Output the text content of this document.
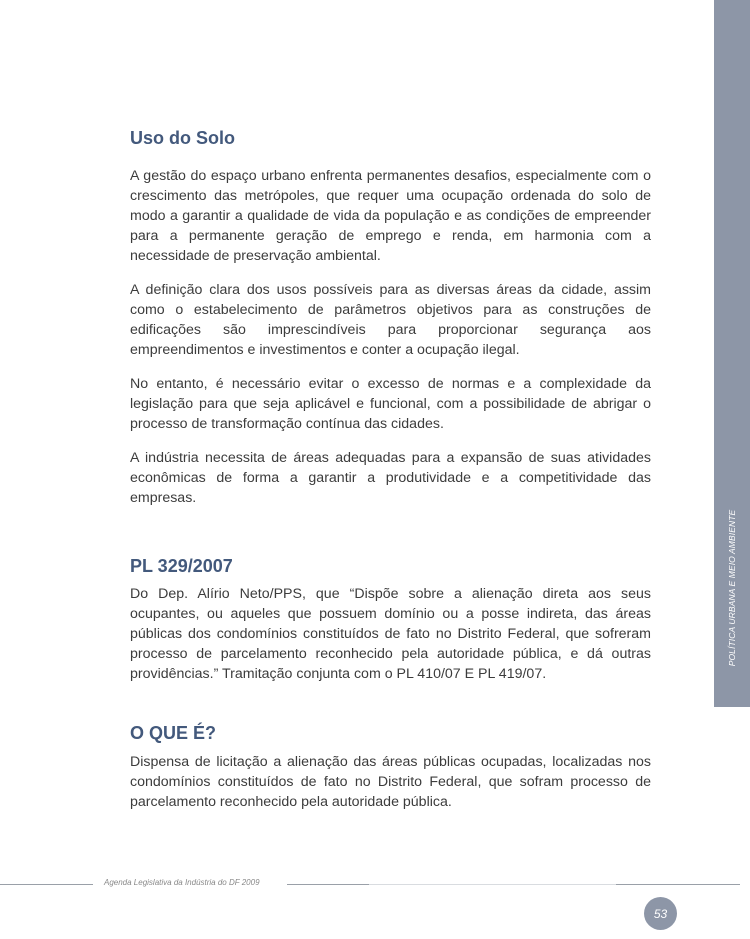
POLÍTICA URBANA E MEIO AMBIENTE
Uso do Solo

A gestão do espaço urbano enfrenta permanentes desafios, especialmente com o crescimento das metrópoles, que requer uma ocupação ordenada do solo de modo a garantir a qualidade de vida da população e as condições de empreender para a permanente geração de emprego e renda, em harmonia com a necessidade de preservação ambiental.

A definição clara dos usos possíveis para as diversas áreas da cidade, assim como o estabelecimento de parâmetros objetivos para as construções de edificações são imprescindíveis para proporcionar segurança aos empreendimentos e investimentos e conter a ocupação ilegal.

No entanto, é necessário evitar o excesso de normas e a complexidade da legislação para que seja aplicável e funcional, com a possibilidade de abrigar o processo de transformação contínua das cidades.

A indústria necessita de áreas adequadas para a expansão de suas atividades econômicas de forma a garantir a produtividade e a competitividade das empresas.

PL 329/2007

Do Dep. Alírio Neto/PPS, que “Dispõe sobre a alienação direta aos seus ocupantes, ou aqueles que possuem domínio ou a posse indireta, das áreas públicas dos condomínios constituídos de fato no Distrito Federal, que sofreram processo de parcelamento reconhecido pela autoridade pública, e dá outras providências.” Tramitação conjunta com o PL 410/07 E PL 419/07.

O QUE É?

Dispensa de licitação a alienação das áreas públicas ocupadas, localizadas nos condomínios constituídos de fato no Distrito Federal, que sofram processo de parcelamento reconhecido pela autoridade pública.

Agenda Legislativa da Indústria do DF 2009
53
